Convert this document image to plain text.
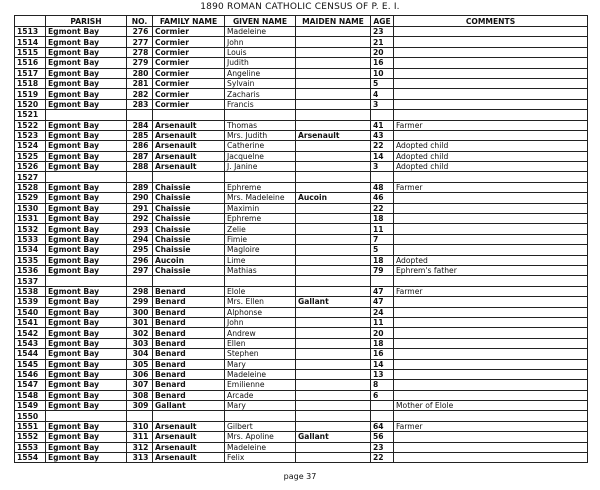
1890 ROMAN CATHOLIC CENSUS OF P. E. I.
	PARISH	NO.	FAMILY NAME	GIVEN NAME	MAIDEN NAME	AGE	COMMENTS
1513	Egmont Bay	276	Cormier	Madeleine		23	
1514	Egmont Bay	277	Cormier	John		21	
1515	Egmont Bay	278	Cormier	Louis		20	
1516	Egmont Bay	279	Cormier	Judith		16	
1517	Egmont Bay	280	Cormier	Angeline		10	
1518	Egmont Bay	281	Cormier	Sylvain		5	
1519	Egmont Bay	282	Cormier	Zacharis		4	
1520	Egmont Bay	283	Cormier	Francis		3	
1521							
1522	Egmont Bay	284	Arsenault	Thomas		41	Farmer
1523	Egmont Bay	285	Arsenault	Mrs. Judith	Arsenault	43	
1524	Egmont Bay	286	Arsenault	Catherine		22	Adopted child
1525	Egmont Bay	287	Arsenault	Jacquelne		14	Adopted child
1526	Egmont Bay	288	Arsenault	J. Janine		3	Adopted child
1527							
1528	Egmont Bay	289	Chaissie	Ephreme		48	Farmer
1529	Egmont Bay	290	Chaissie	Mrs. Madeleine	Aucoin	46	
1530	Egmont Bay	291	Chaissie	Maximin		22	
1531	Egmont Bay	292	Chaissie	Ephreme		18	
1532	Egmont Bay	293	Chaissie	Zelie		11	
1533	Egmont Bay	294	Chaissie	Fimie		7	
1534	Egmont Bay	295	Chaissie	Magloire		5	
1535	Egmont Bay	296	Aucoin	Lime		18	Adopted
1536	Egmont Bay	297	Chaissie	Mathias		79	Ephrem's father
1537							
1538	Egmont Bay	298	Benard	Elole		47	Farmer
1539	Egmont Bay	299	Benard	Mrs. Ellen	Gallant	47	
1540	Egmont Bay	300	Benard	Alphonse		24	
1541	Egmont Bay	301	Benard	John		11	
1542	Egmont Bay	302	Benard	Andrew		20	
1543	Egmont Bay	303	Benard	Ellen		18	
1544	Egmont Bay	304	Benard	Stephen		16	
1545	Egmont Bay	305	Benard	Mary		14	
1546	Egmont Bay	306	Benard	Madeleine		13	
1547	Egmont Bay	307	Benard	Emilienne		8	
1548	Egmont Bay	308	Benard	Arcade		6	
1549	Egmont Bay	309	Gallant	Mary			Mother of Elole
1550							
1551	Egmont Bay	310	Arsenault	Gilbert		64	Farmer
1552	Egmont Bay	311	Arsenault	Mrs. Apoline	Gallant	56	
1553	Egmont Bay	312	Arsenault	Madeleine		23	
1554	Egmont Bay	313	Arsenault	Felix		22	
page 37
